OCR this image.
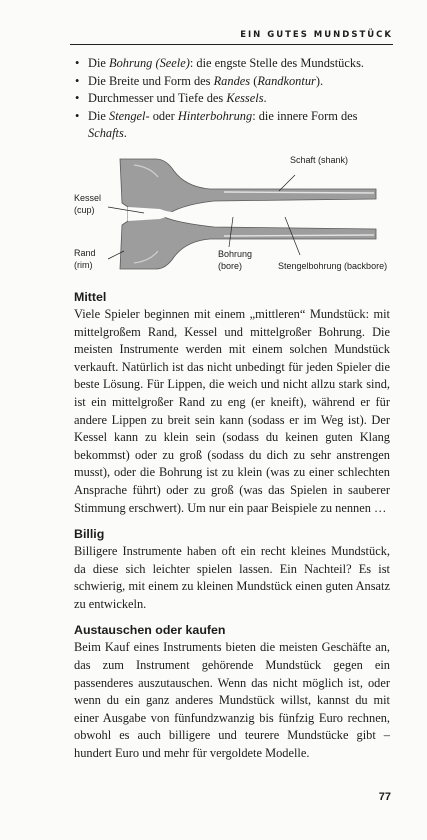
EIN GUTES MUNDSTÜCK
• Die Bohrung (Seele): die engste Stelle des Mundstücks.
• Die Breite und Form des Randes (Randkontur).
• Durchmesser und Tiefe des Kessels.
• Die Stengel- oder Hinterbohrung: die innere Form des Schafts.
Schaft (shank)
Kessel
(cup)
Rand
(rim)
Bohrung
(bore)	Stengelbohrung (backbore)
Mittel

Viele Spieler beginnen mit einem „mittleren“ Mundstück: mit mittelgroßem Rand, Kessel und mittelgroßer Bohrung. Die meisten Instrumente werden mit einem solchen Mundstück verkauft. Natürlich ist das nicht unbedingt für jeden Spieler die beste Lösung. Für Lippen, die weich und nicht allzu stark sind, ist ein mittelgroßer Rand zu eng (er kneift), während er für andere Lippen zu breit sein kann (sodass er im Weg ist). Der Kessel kann zu klein sein (sodass du keinen guten Klang bekommst) oder zu groß (sodass du dich zu sehr anstrengen musst), oder die Bohrung ist zu klein (was zu einer schlechten Ansprache führt) oder zu groß (was das Spielen in sauberer Stimmung erschwert). Um nur ein paar Beispiele zu nennen …

Billig

Billigere Instrumente haben oft ein recht kleines Mundstück, da diese sich leichter spielen lassen. Ein Nachteil? Es ist schwierig, mit einem zu kleinen Mundstück einen guten Ansatz zu entwickeln.

Austauschen oder kaufen

Beim Kauf eines Instruments bieten die meisten Geschäfte an, das zum Instrument gehörende Mundstück gegen ein passenderes auszutauschen. Wenn das nicht möglich ist, oder wenn du ein ganz anderes Mundstück willst, kannst du mit einer Ausgabe von fünfundzwanzig bis fünfzig Euro rechnen, obwohl es auch billigere und teurere Mundstücke gibt – hundert Euro und mehr für vergoldete Modelle.

77
